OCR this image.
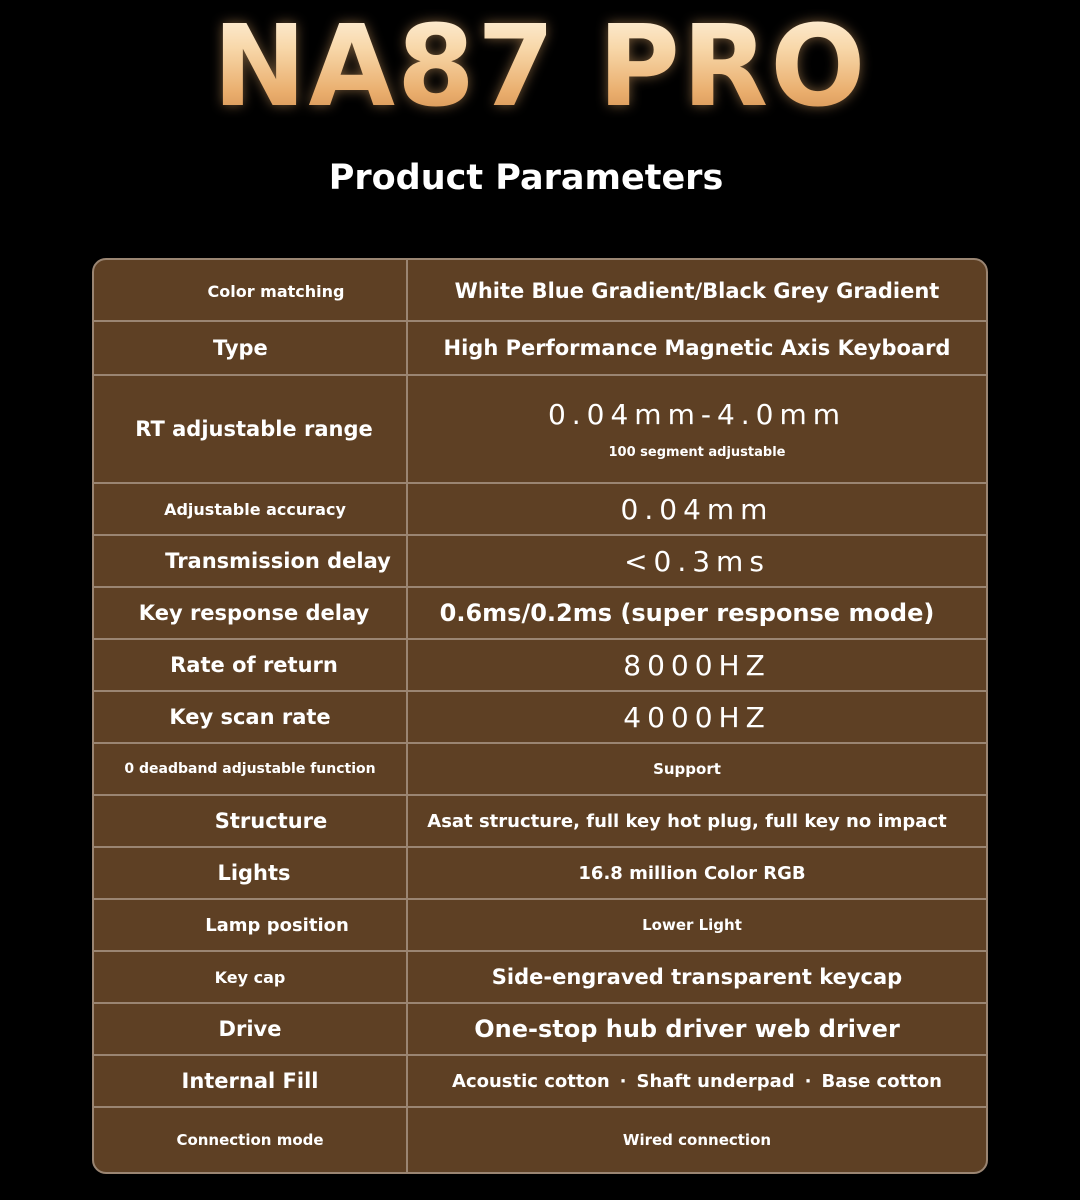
NA87 PRO
Product Parameters
Color matching	White Blue Gradient/Black Grey Gradient
Type	High Performance Magnetic Axis Keyboard
RT adjustable range	0.04mm-4.0mm
100 segment adjustable
Adjustable accuracy	0.04mm
Transmission delay	<0.3ms
Key response delay	0.6ms/0.2ms (super response mode)
Rate of return	8000HZ
Key scan rate	4000HZ
0 deadband adjustable function	Support
Structure	Asat structure, full key hot plug, full key no impact
Lights	16.8 million Color RGB
Lamp position	Lower Light
Key cap	Side-engraved transparent keycap
Drive	One-stop hub driver web driver
Internal Fill	Acoustic cotton · Shaft underpad · Base cotton
Connection mode	Wired connection
